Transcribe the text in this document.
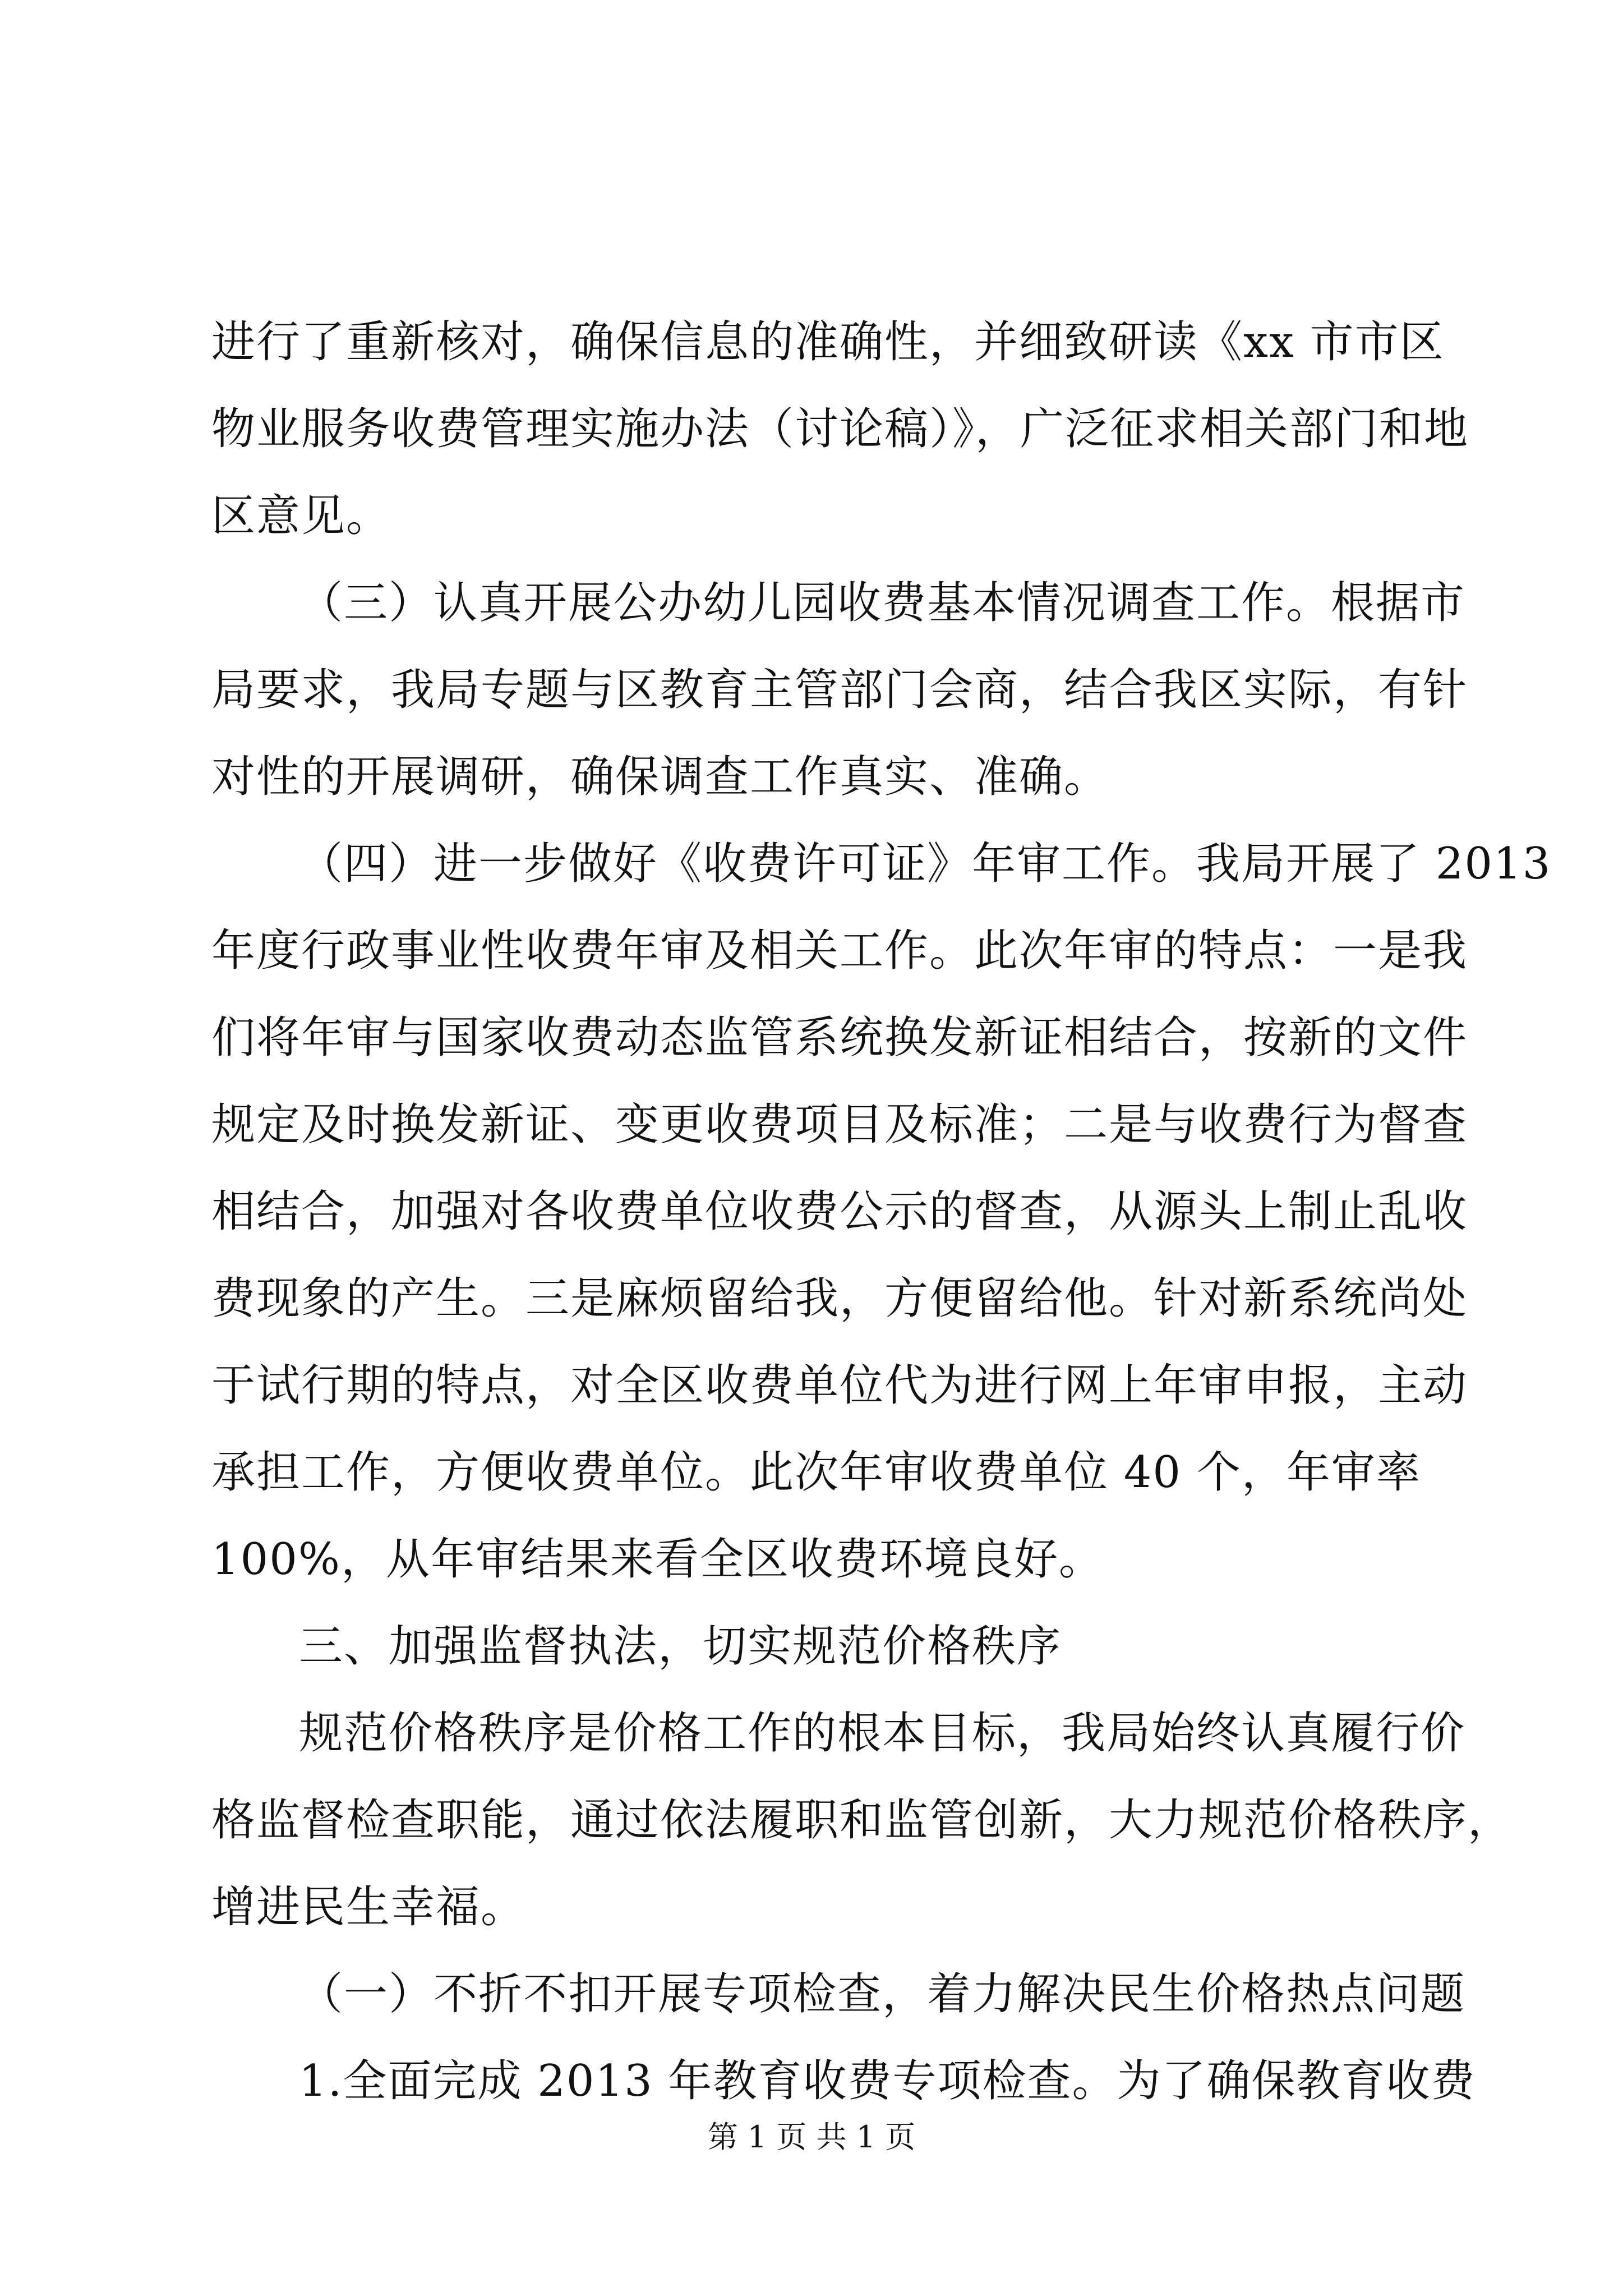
进行了重新核对，确保信息的准确性，并细致研读《xx 市市区
物业服务收费管理实施办法（讨论稿）》，广泛征求相关部门和地
区意见。
（三）认真开展公办幼儿园收费基本情况调查工作。根据市
局要求，我局专题与区教育主管部门会商，结合我区实际，有针
对性的开展调研，确保调查工作真实、准确。
（四）进一步做好《收费许可证》年审工作。我局开展了 2013
年度行政事业性收费年审及相关工作。此次年审的特点：一是我
们将年审与国家收费动态监管系统换发新证相结合，按新的文件
规定及时换发新证、变更收费项目及标准；二是与收费行为督查
相结合，加强对各收费单位收费公示的督查，从源头上制止乱收
费现象的产生。三是麻烦留给我，方便留给他。针对新系统尚处
于试行期的特点，对全区收费单位代为进行网上年审申报，主动
承担工作，方便收费单位。此次年审收费单位 40 个，年审率
100%，从年审结果来看全区收费环境良好。
三、加强监督执法，切实规范价格秩序
规范价格秩序是价格工作的根本目标，我局始终认真履行价
格监督检查职能，通过依法履职和监管创新，大力规范价格秩序，
增进民生幸福。
（一）不折不扣开展专项检查，着力解决民生价格热点问题
1.全面完成 2013 年教育收费专项检查。为了确保教育收费
第 1 页 共 1 页
